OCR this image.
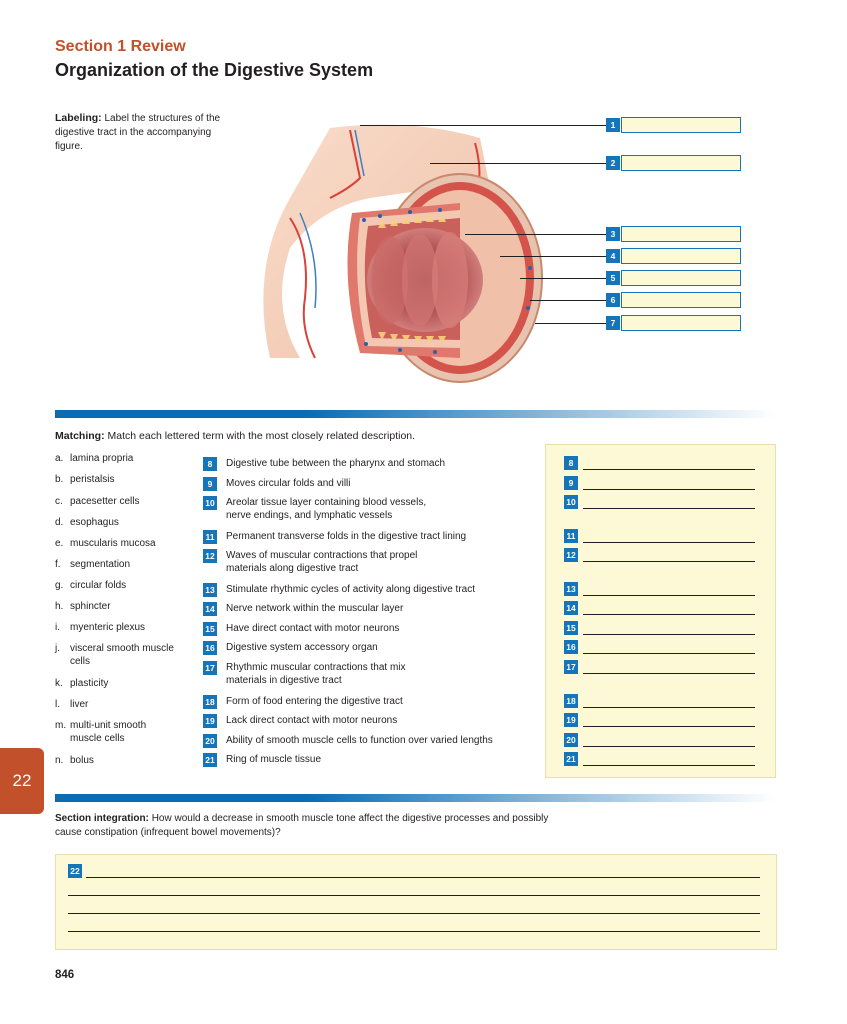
Section 1 Review
Organization of the Digestive System
Labeling: Label the structures of the digestive tract in the accompanying figure.
1
2
3
4
5
6
7
Matching: Match each lettered term with the most closely related description.
a. lamina propria
b. peristalsis
c. pacesetter cells
d. esophagus
e. muscularis mucosa
f. segmentation
g. circular folds
h. sphincter
i. myenteric plexus
j. visceral smooth muscle cells
k. plasticity
l. liver
m. multi-unit smooth muscle cells
n. bolus
8 Digestive tube between the pharynx and stomach
9 Moves circular folds and villi
10 Areolar tissue layer containing blood vessels, nerve endings, and lymphatic vessels
11 Permanent transverse folds in the digestive tract lining
12 Waves of muscular contractions that propel materials along digestive tract
13 Stimulate rhythmic cycles of activity along digestive tract
14 Nerve network within the muscular layer
15 Have direct contact with motor neurons
16 Digestive system accessory organ
17 Rhythmic muscular contractions that mix materials in digestive tract
18 Form of food entering the digestive tract
19 Lack direct contact with motor neurons
20 Ability of smooth muscle cells to function over varied lengths
21 Ring of muscle tissue
8
9
10
11
12
13
14
15
16
17
18
19
20
21
22
Section integration: How would a decrease in smooth muscle tone affect the digestive processes and possibly cause constipation (infrequent bowel movements)?
22
846
